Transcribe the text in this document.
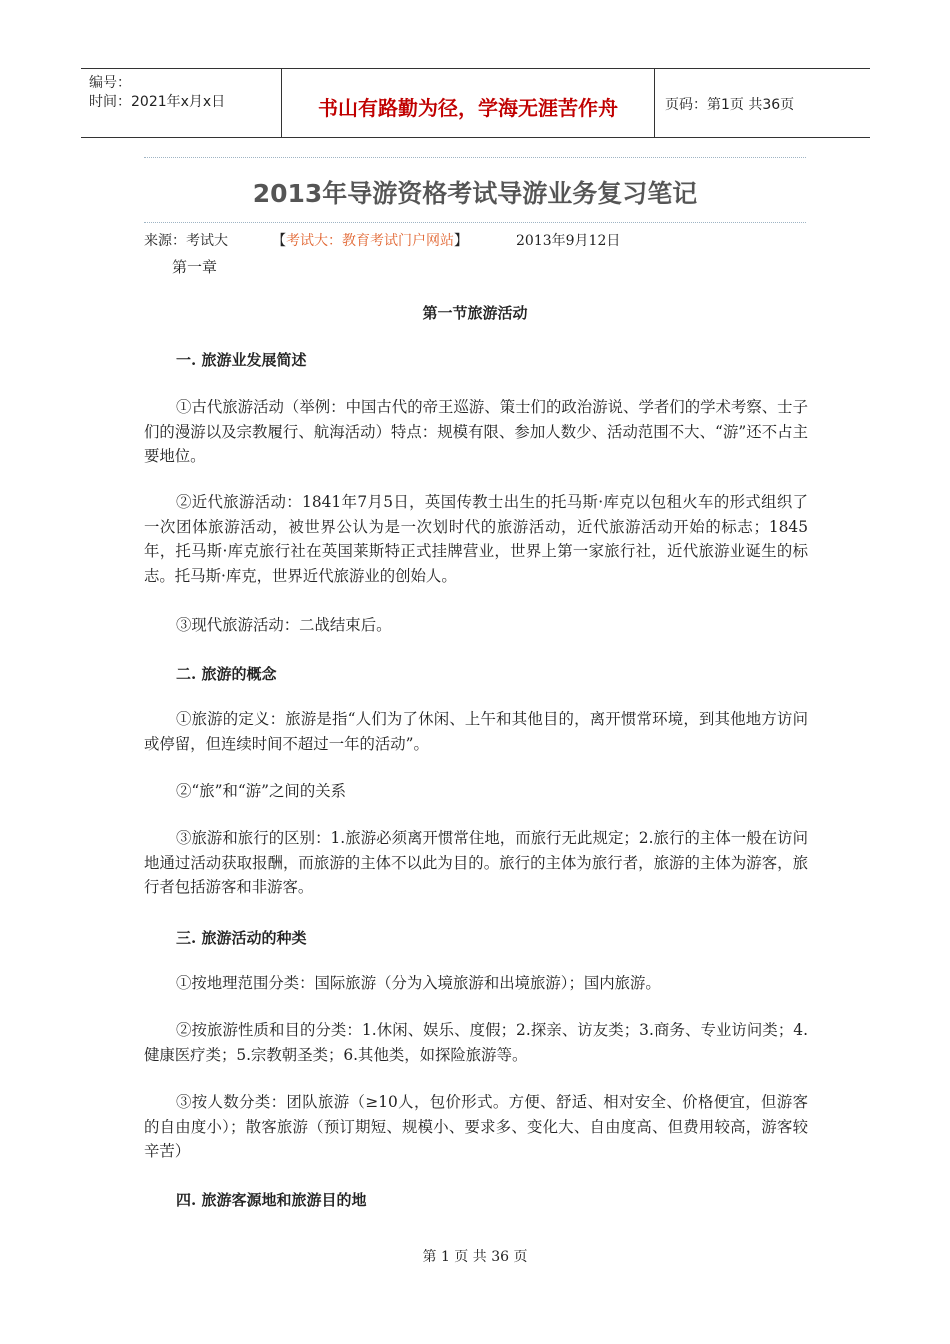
编号：
时间：2021年x月x日	书山有路勤为径，学海无涯苦作舟	页码：第1页 共36页
2013年导游资格考试导游业务复习笔记
来源：考试大	【考试大：教育考试门户网站】	2013年9月12日
第一章
第一节旅游活动
一. 旅游业发展简述
①古代旅游活动（举例：中国古代的帝王巡游、策士们的政治游说、学者们的学术考察、士子们的漫游以及宗教履行、航海活动）特点：规模有限、参加人数少、活动范围不大、“游”还不占主要地位。
②近代旅游活动：1841年7月5日，英国传教士出生的托马斯·库克以包租火车的形式组织了一次团体旅游活动，被世界公认为是一次划时代的旅游活动，近代旅游活动开始的标志；1845年，托马斯·库克旅行社在英国莱斯特正式挂牌营业，世界上第一家旅行社，近代旅游业诞生的标志。托马斯·库克，世界近代旅游业的创始人。
③现代旅游活动：二战结束后。
二. 旅游的概念
①旅游的定义：旅游是指“人们为了休闲、上午和其他目的，离开惯常环境，到其他地方访问或停留，但连续时间不超过一年的活动”。
②“旅”和“游”之间的关系
③旅游和旅行的区别：1.旅游必须离开惯常住地，而旅行无此规定；2.旅行的主体一般在访问地通过活动获取报酬，而旅游的主体不以此为目的。旅行的主体为旅行者，旅游的主体为游客，旅行者包括游客和非游客。
三. 旅游活动的种类
①按地理范围分类：国际旅游（分为入境旅游和出境旅游）；国内旅游。
②按旅游性质和目的分类：1.休闲、娱乐、度假；2.探亲、访友类；3.商务、专业访问类；4.健康医疗类；5.宗教朝圣类；6.其他类，如探险旅游等。
③按人数分类：团队旅游（≥10人，包价形式。方便、舒适、相对安全、价格便宜，但游客的自由度小）；散客旅游（预订期短、规模小、要求多、变化大、自由度高、但费用较高，游客较辛苦）
四. 旅游客源地和旅游目的地
第 1 页 共 36 页
